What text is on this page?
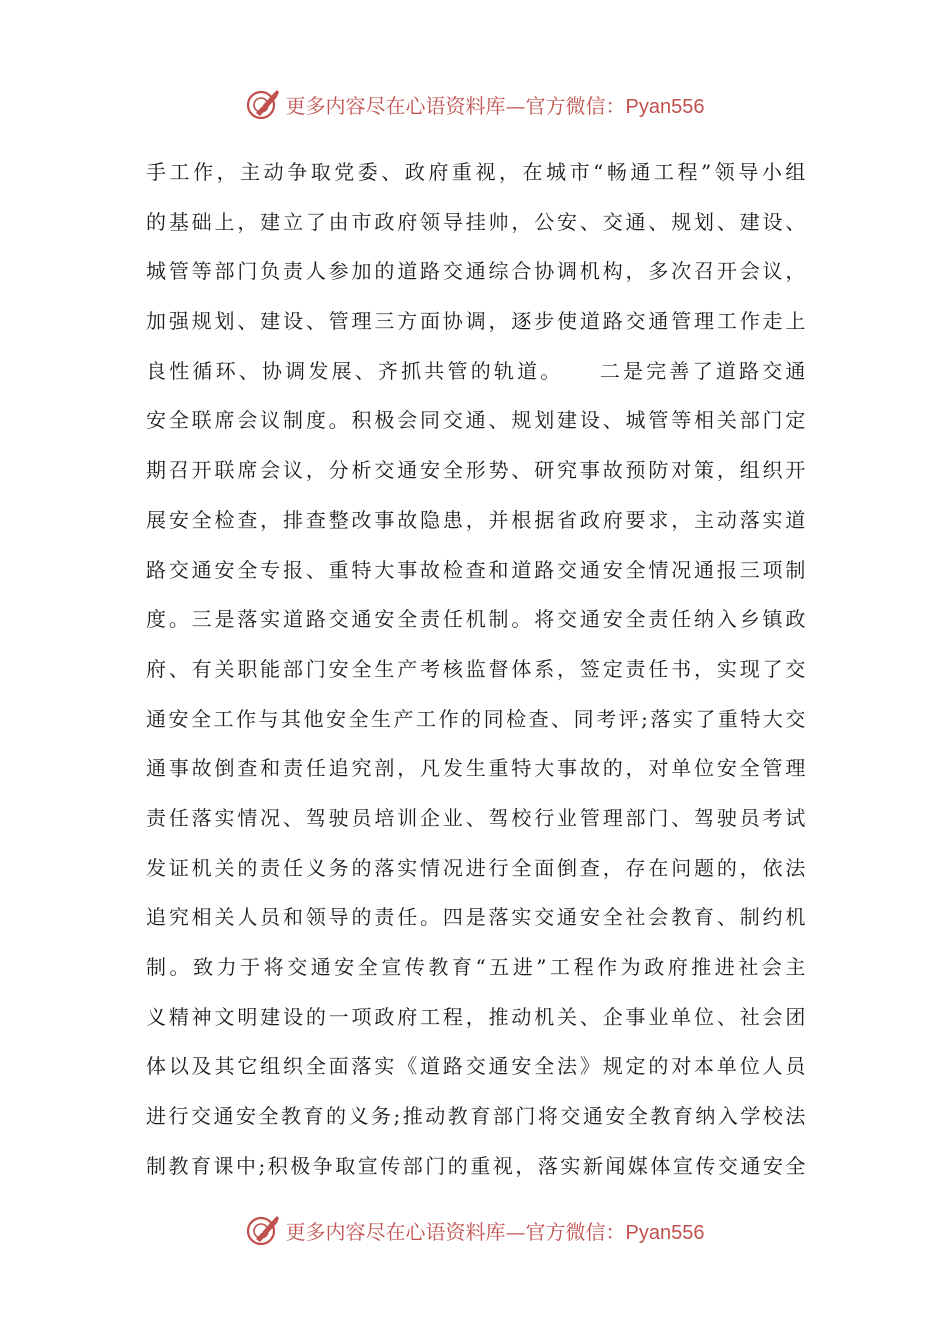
更多内容尽在心语资料库—官方微信：Pyan556
手工作，主动争取党委、政府重视，在城市“畅通工程”领导小组
的基础上，建立了由市政府领导挂帅，公安、交通、规划、建设、
城管等部门负责人参加的道路交通综合协调机构，多次召开会议，
加强规划、建设、管理三方面协调，逐步使道路交通管理工作走上
良性循环、协调发展、齐抓共管的轨道。　　二是完善了道路交通
安全联席会议制度。积极会同交通、规划建设、城管等相关部门定
期召开联席会议，分析交通安全形势、研究事故预防对策，组织开
展安全检查，排查整改事故隐患，并根据省政府要求，主动落实道
路交通安全专报、重特大事故检查和道路交通安全情况通报三项制
度。三是落实道路交通安全责任机制。将交通安全责任纳入乡镇政
府、有关职能部门安全生产考核监督体系，签定责任书，实现了交
通安全工作与其他安全生产工作的同检查、同考评;落实了重特大交
通事故倒查和责任追究剖，凡发生重特大事故的，对单位安全管理
责任落实情况、驾驶员培训企业、驾校行业管理部门、驾驶员考试
发证机关的责任义务的落实情况进行全面倒查，存在问题的，依法
追究相关人员和领导的责任。四是落实交通安全社会教育、制约机
制。致力于将交通安全宣传教育“五进”工程作为政府推进社会主
义精神文明建设的一项政府工程，推动机关、企事业单位、社会团
体以及其它组织全面落实《道路交通安全法》规定的对本单位人员
进行交通安全教育的义务;推动教育部门将交通安全教育纳入学校法
制教育课中;积极争取宣传部门的重视，落实新闻媒体宣传交通安全
更多内容尽在心语资料库—官方微信：Pyan556
